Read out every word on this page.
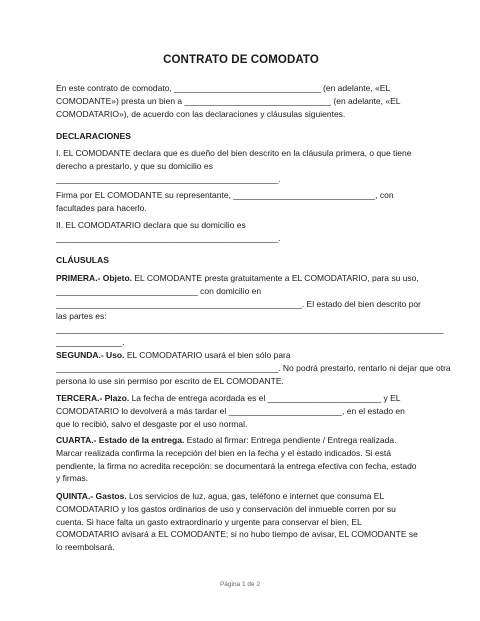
CONTRATO DE COMODATO
En este contrato de comodato, _______________________________ (en adelante, «EL
COMODANTE») presta un bien a _______________________________ (en adelante, «EL
COMODATARIO»), de acuerdo con las declaraciones y cláusulas siguientes.
DECLARACIONES
I. EL COMODANTE declara que es dueño del bien descrito en la cláusula primera, o que tiene
derecho a prestarlo, y que su domicilio es
_______________________________________________.
Firma por EL COMODANTE su representante, ______________________________, con
facultades para hacerlo.
II. EL COMODATARIO declara que su domicilio es
_______________________________________________.
CLÁUSULAS
PRIMERA.- Objeto. EL COMODANTE presta gratuitamente a EL COMODATARIO, para su uso,
______________________________ con domicilio en
____________________________________________________. El estado del bien descrito por
las partes es:
__________________________________________________________________________________
______________.
SEGUNDA.- Uso. EL COMODATARIO usará el bien sólo para
_______________________________________________. No podrá prestarlo, rentarlo ni dejar que otra
persona lo use sin permiso por escrito de EL COMODANTE.
TERCERA.- Plazo. La fecha de entrega acordada es el ________________________ y EL
COMODATARIO lo devolverá a más tardar el ________________________, en el estado en
que lo recibió, salvo el desgaste por el uso normal.
CUARTA.- Estado de la entrega. Estado al firmar: Entrega pendiente / Entrega realizada.
Marcar realizada confirma la recepción del bien en la fecha y el estado indicados. Si está
pendiente, la firma no acredita recepción: se documentará la entrega efectiva con fecha, estado
y firmas.
QUINTA.- Gastos. Los servicios de luz, agua, gas, teléfono e internet que consuma EL
COMODATARIO y los gastos ordinarios de uso y conservación del inmueble corren por su
cuenta. Si hace falta un gasto extraordinario y urgente para conservar el bien, EL
COMODATARIO avisará a EL COMODANTE; si no hubo tiempo de avisar, EL COMODANTE se
lo reembolsará.
Página 1 de 2
